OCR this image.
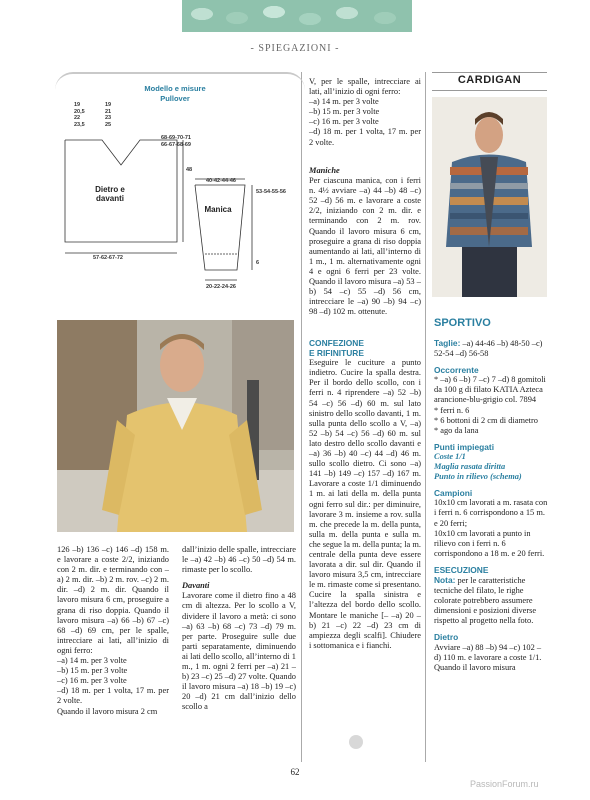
- SPIEGAZIONI -
Modello e misure
Pullover
19
20,5
22
23,5
19
21
23
25
68-69-70-71
66-67-68-69
48
Dietro e
davanti
57-62-67-72
40-42-44-46
Manica
53-54-55-56
6
20-22-24-26
CARDIGAN
SPORTIVO

V, per le spalle, intrecciare ai lati, all’inizio di ogni ferro:

–a) 14 m. per 3 volte

–b) 15 m. per 3 volte

–c) 16 m. per 3 volte

–d) 18 m. per 1 volta, 17 m. per 2 volte.

Maniche

Per ciascuna manica, con i ferri n. 4½ avviare –a) 44 –b) 48 –c) 52 –d) 56 m. e lavorare a coste 2/2, iniziando con 2 m. dir. e terminando con 2 m. rov. Quando il lavoro misura 6 cm, proseguire a grana di riso doppia aumentando ai lati, all’interno di 1 m., 1 m. alternativamente ogni 4 e ogni 6 ferri per 23 volte. Quando il lavoro misura –a) 53 –b) 54 –c) 55 –d) 56 cm, intrecciare le –a) 90 –b) 94 –c) 98 –d) 102 m. ottenute.

CONFEZIONE

E RIFINITURE

Eseguire le cuciture a punto indietro. Cucire la spalla destra. Per il bordo dello scollo, con i ferri n. 4 riprendere –a) 52 –b) 54 –c) 56 –d) 60 m. sul lato sinistro dello scollo davanti, 1 m. sulla punta dello scollo a V, –a) 52 –b) 54 –c) 56 –d) 60 m. sul lato destro dello scollo davanti e –a) 36 –b) 40 –c) 44 –d) 46 m. sullo scollo dietro. Ci sono –a) 141 –b) 149 –c) 157 –d) 167 m. Lavorare a coste 1/1 diminuendo 1 m. ai lati della m. della punta ogni ferro sul dir.: per diminuire, lavorare 3 m. insieme a rov. sulla m. che precede la m. della punta, sulla m. della punta e sulla m. che segue la m. della punta; la m. centrale della punta deve essere lavorata a dir. sul dir. Quando il lavoro misura 3,5 cm, intrecciare le m. rimaste come si presentano. Cucire la spalla sinistra e l’altezza del bordo dello scollo. Montare le maniche [– –a) 20 –b) 21 –c) 22 –d) 23 cm di ampiezza degli scalfi]. Chiudere i sottomanica e i fianchi.

126 –b) 136 –c) 146 –d) 158 m. e lavorare a coste 2/2, iniziando con 2 m. dir. e terminando con –a) 2 m. dir. –b) 2 m. rov. –c) 2 m. dir. –d) 2 m. dir. Quando il lavoro misura 6 cm, proseguire a grana di riso doppia. Quando il lavoro misura –a) 66 –b) 67 –c) 68 –d) 69 cm, per le spalle, intrecciare ai lati, all’inizio di ogni ferro:

–a) 14 m. per 3 volte

–b) 15 m. per 3 volte

–c) 16 m. per 3 volte

–d) 18 m. per 1 volta, 17 m. per 2 volte.

Quando il lavoro misura 2 cm

dall’inizio delle spalle, intrecciare le –a) 42 –b) 46 –c) 50 –d) 54 m. rimaste per lo scollo.

Davanti

Lavorare come il dietro fino a 48 cm di altezza. Per lo scollo a V, dividere il lavoro a metà: ci sono –a) 63 –b) 68 –c) 73 –d) 79 m. per parte. Proseguire sulle due parti separatamente, diminuendo ai lati dello scollo, all’interno di 1 m., 1 m. ogni 2 ferri per –a) 21 –b) 23 –c) 25 –d) 27 volte. Quando il lavoro misura –a) 18 –b) 19 –c) 20 –d) 21 cm dall’inizio dello scollo a

Taglie: –a) 44-46 –b) 48-50 –c) 52-54 –d) 56-58

Occorrente

* –a) 6 –b) 7 –c) 7 –d) 8 gomitoli da 100 g di filato KATIA Azteca arancione-blu-grigio col. 7894

* ferri n. 6

* 6 bottoni di 2 cm di diametro

* ago da lana

Punti impiegati

Coste 1/1

Maglia rasata diritta

Punto in rilievo (schema)

Campioni

10x10 cm lavorati a m. rasata con i ferri n. 6 corrispondono a 15 m. e 20 ferri;

10x10 cm lavorati a punto in rilievo con i ferri n. 6 corrispondono a 18 m. e 20 ferri.

ESECUZIONE

Nota: per le caratteristiche tecniche del filato, le righe colorate potrebbero assumere dimensioni e posizioni diverse rispetto al progetto nella foto.

Dietro

Avviare –a) 88 –b) 94 –c) 102 –d) 110 m. e lavorare a coste 1/1. Quando il lavoro misura

62
PassionForum.ru
